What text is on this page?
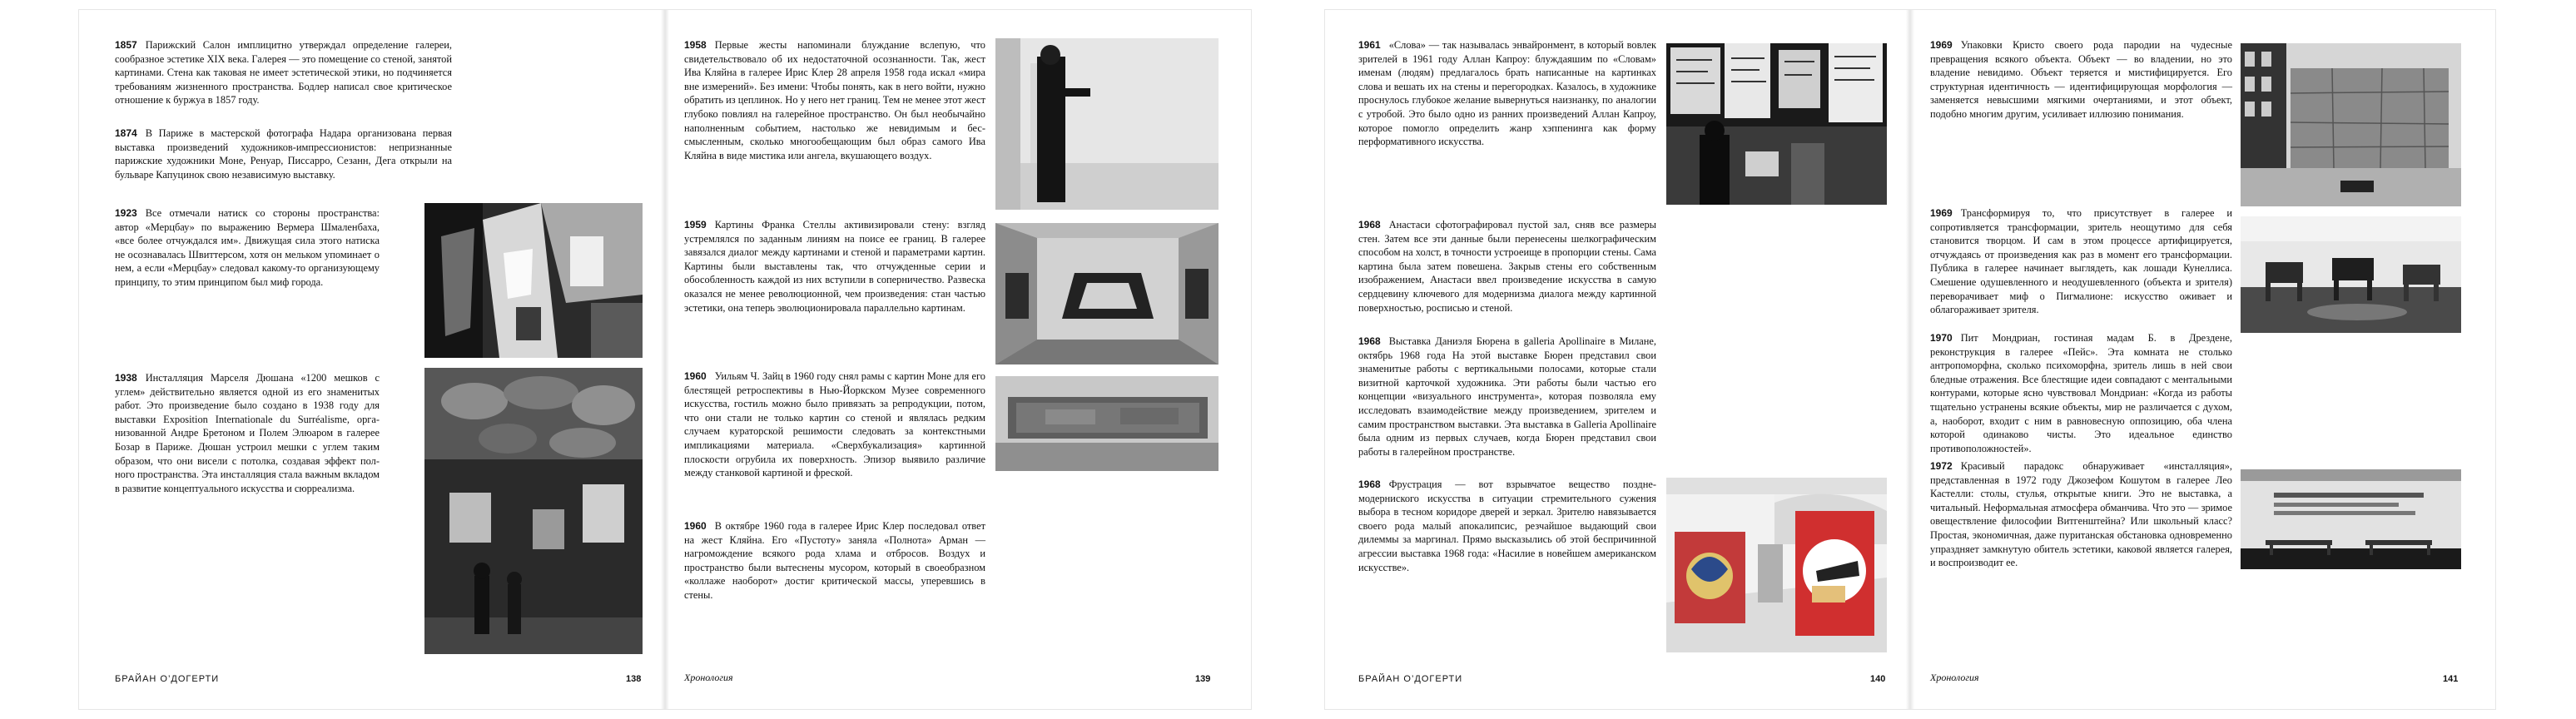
1857 Парижский Салон имплицитно утверждал определение галереи, сообразное эстетике XIX века. Галерея — это помещение со стеной, занятой картинами. Стена как таковая не имеет эстетической этики, но подчиняется требованиям жизненного пространства. Бодлер написал свое критическое отношение к буржуа в 1857 году.
1874 В Париже в мастерской фотографа Надара организована первая выставка произведений художников-импрессионистов: непризнанные парижские художники Моне, Ренуар, Писсарро, Сезанн, Дега открыли на бульваре Капуцинок свою независимую выставку.
1923 Все отмечали натиск со стороны пространства: автор «Мерцбау» по выражению Вермера Шмаленбаха, «все более отчуждался им». Движущая сила этого натиска не осознавалась Швиттерсом, хотя он мельком упоминает о нем, а если «Мерцбау» следовал какому-то организующему принципу, то этим принципом был миф города.
1938 Инсталляция Марселя Дюшана «1200 мешков с углем» действительно является одной из его знаменитых работ. Это произведение было создано в 1938 году для выставки Exposition Internationale du Surréalisme, организованной Андре Бретоном и Полем Элюаром в галерее Бозар в Париже. Дюшан устроил мешки с углем таким образом, что они висели с потолка, создавая эффект полного пространства. Эта инсталляция стала важным вкладом в развитие концептуального искусства и сюрреализма.
БРАЙАН О’ДОГЕРТИ	138
1958 Первые жесты напоминали блуждание вслепую, что свидетельствовало об их недостаточной осознанности. Так, жест Ива Кляйна в галерее Ирис Клер 28 апреля 1958 года искал «мира вне измерений». Без имени: Чтобы понять, как в него войти, нужно обратить из цеплинок. Но у него нет границ. Тем не менее этот жест глубоко повлиял на галерейное пространство. Он был необычайно наполненным событием, настолько же невидимым и бессмысленным, сколько многообещающим был образ самого Ива Кляйна в виде мистика или ангела, вкушающего воздух.
1959 Картины Франка Стеллы активизировали стену: взгляд устремлялся по заданным линиям на поисе ее границ. В галерее завязался диалог между картинами и стеной и параметрами картин. Картины были выставлены так, что отчужденные серии и обособленность каждой из них вступили в соперничество. Развеска оказался не менее революционной, чем произведения: стан частью эстетики, она теперь эволюционировала параллельно картинам.
1960 Уильям Ч. Зайц в 1960 году снял рамы с картин Моне для его блестящей ретроспективы в Нью-Йоркском Музее современного искусства, гостиль можно было привязать за репродукции, потом, что они стали не только картин со стеной и являлась редким случаем кураторской решимости следовать за контекстными импликациями материала. «Сверхбукализация» картинной плоскости огрубила их поверхность. Эпизор выявило различие между станковой картиной и фреской.
1960 В октябре 1960 года в галерее Ирис Клер последовал ответ на жест Кляйна. Его «Пустоту» заняла «Полнота» Арман — нагромождение всякого рода хлама и отбросов. Воздух и пространство были вытеснены мусором, который в своеобразном «коллаже наоборот» достиг критической массы, уперевшись в стены.
Хронология	139
1961 «Слова» — так называлась энвайронмент, в который вовлек зрителей в 1961 году Аллан Капроу: блуждаяшим по «Словам» именам (людям) предлагалось брать написанные на картинках слова и вешать их на стены и перегородках. Казалось, в художнике проснулось глубокое желание вывернуться наизнанку, по аналогии с утробой. Это было одно из ранних произведений Аллан Капроу, которое помогло определить жанр хэппенинга как форму перформативного искусства.
1968 Анастаси сфотографировал пустой зал, сняв все размеры стен. Затем все эти данные были перенесены шелкографическим способом на холст, в точности устроеище в пропорции стены. Сама картина была затем повешена. Закрыв стены его собственным изображением, Анастаси ввел произведение искусства в самую сердцевину ключевого для модернизма диалога между картинной поверхностью, росписью и стеной.
1968 Выставка Даниэля Бюрена в galleria Apollinaire в Милане, октябрь 1968 года На этой выставке Бюрен представил свои знаменитые работы с вертикальными полосами, которые стали визитной карточкой художника. Эти работы были частью его концепции «визуального инструмента», которая позволяла ему исследовать взаимодействие между произведением, зрителем и самим пространством выставки. Эта выставка в Galleria Apollinaire была одним из первых случаев, когда Бюрен представил свои работы в галерейном пространстве.
1968 Фрустрация — вот взрывчатое вещество позднемодерниского искусства в ситуации стремительного сужения выбора в тесном коридоре дверей и зеркал. Зрителю навязывается своего рода малый апокалипсис, резчайшое выдающий свои дилеммы за маргинал. Прямо высказылись об этой беспричинной агрессии выставка 1968 года: «Насилие в новейшем американском искусстве».
БРАЙАН О’ДОГЕРТИ	140
1969 Упаковки Кристо своего рода пародии на чудесные превращения всякого объекта. Объект — во владении, но это владение невидимо. Объект теряется и мистифицируется. Его структурная идентичность — идентифицирующая морфология — заменяется невысшими мягкими очертаниями, и этот объект, подобно многим другим, усиливает иллюзию понимания.
1969 Трансформируя то, что присутствует в галерее и сопротивляется трансформации, зритель неощутимо для себя становится творцом. И сам в этом процессе артифицируется, отчуждаясь от произведения как раз в момент его трансформации. Публика в галерее начинает выглядеть, как лошади Кунеллиса. Смешение одушевленного и неодушевленного (объекта и зрителя) переворачивает миф о Пигмалионе: искусство оживает и облагораживает зрителя.
1970 Пит Мондриан, гостиная мадам Б. в Дрездене, реконструкция в галерее «Пейс». Эта комната не столько антропоморфна, сколько психоморфна, зритель лишь в ней свои бледные отражения. Все блестящие идеи совпадают с ментальными контурами, которые ясно чувствовал Мондриан: «Когда из работы тщательно устранены всякие объекты, мир не различается с духом, а, наоборот, входит с ним в равновесную оппозицию, оба члена которой одинаково чисты. Это идеальное единство противоположностей».
1972 Красивый парадокс обнаруживает «инсталляция», представленная в 1972 году Джозефом Кошутом в галерее Лео Кастелли: столы, стулья, открытые книги. Это не выставка, а читальный. Неформальная атмосфера обманчива. Что это — зримое овеществление философии Витгенштейна? Или школьный класс? Простая, экономичная, даже пуританская обстановка одновременно упраздняет замкнутую обитель эстетики, каковой является галерея, и воспроизводит ее.
Хронология	141
